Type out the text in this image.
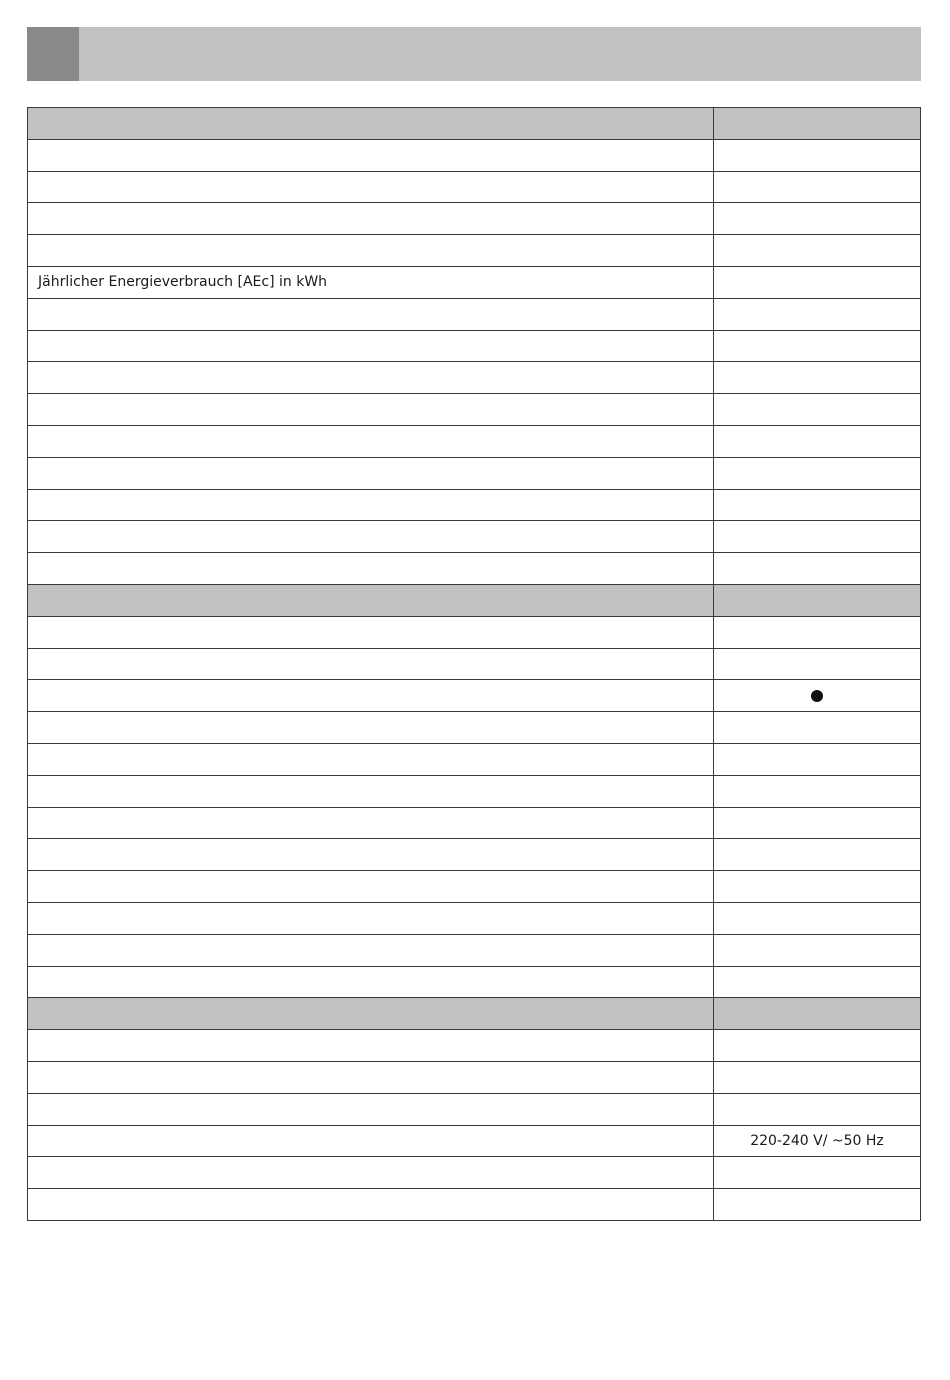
Jährlicher Energieverbrauch [AEc] in kWh	

	220-240 V/ ~50 Hz
